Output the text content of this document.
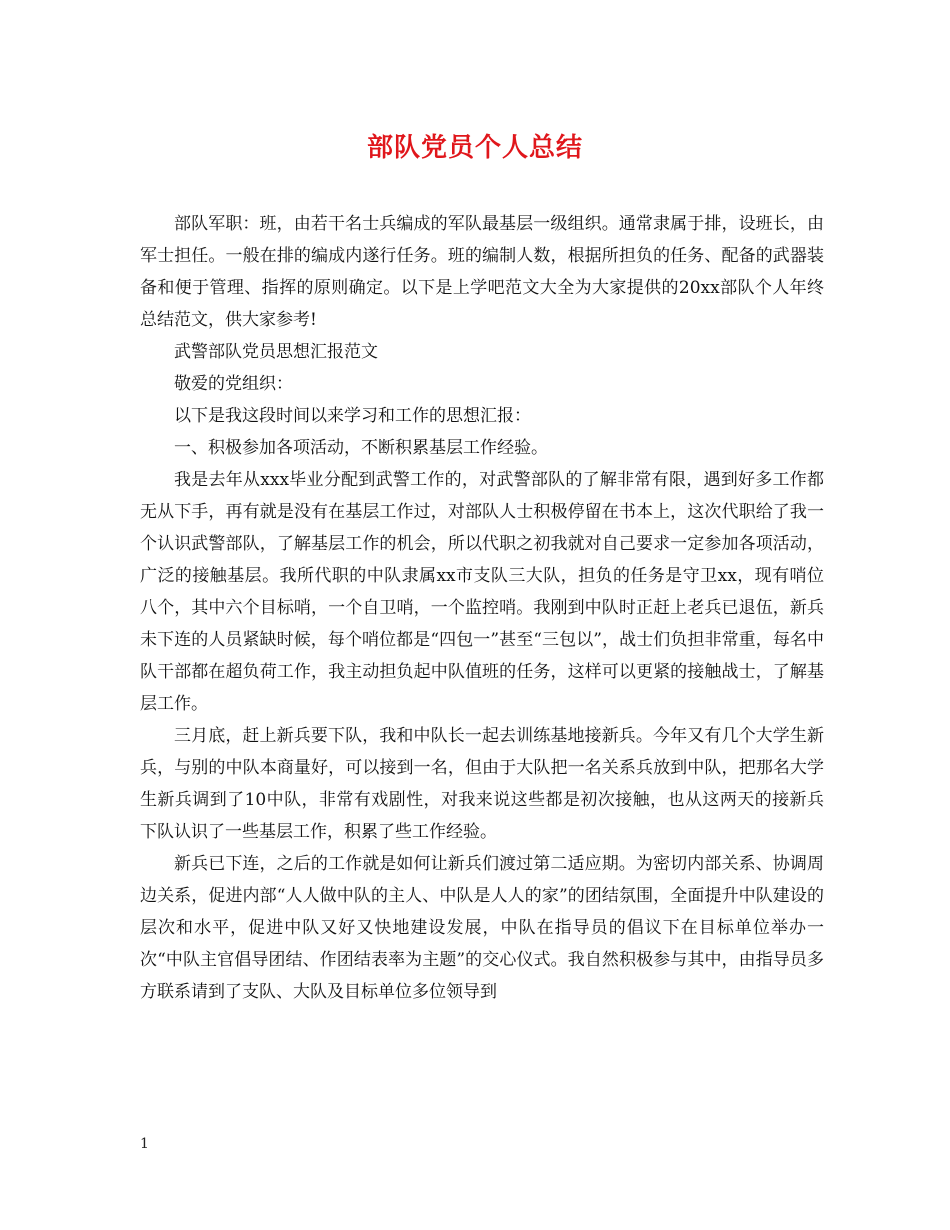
部队党员个人总结

部队军职：班，由若干名士兵编成的军队最基层一级组织。通常隶属于排，设班长，由军士担任。一般在排的编成内遂行任务。班的编制人数，根据所担负的任务、配备的武器装备和便于管理、指挥的原则确定。以下是上学吧范文大全为大家提供的20xx部队个人年终总结范文，供大家参考!

武警部队党员思想汇报范文

敬爱的党组织：

以下是我这段时间以来学习和工作的思想汇报：

一、积极参加各项活动，不断积累基层工作经验。

我是去年从xxx毕业分配到武警工作的，对武警部队的了解非常有限，遇到好多工作都无从下手，再有就是没有在基层工作过，对部队人士积极停留在书本上，这次代职给了我一个认识武警部队，了解基层工作的机会，所以代职之初我就对自己要求一定参加各项活动，广泛的接触基层。我所代职的中队隶属xx市支队三大队，担负的任务是守卫xx，现有哨位八个，其中六个目标哨，一个自卫哨，一个监控哨。我刚到中队时正赶上老兵已退伍，新兵未下连的人员紧缺时候，每个哨位都是“四包一”甚至“三包以”，战士们负担非常重，每名中队干部都在超负荷工作，我主动担负起中队值班的任务，这样可以更紧的接触战士，了解基层工作。

三月底，赶上新兵要下队，我和中队长一起去训练基地接新兵。今年又有几个大学生新兵，与别的中队本商量好，可以接到一名，但由于大队把一名关系兵放到中队，把那名大学生新兵调到了10中队，非常有戏剧性，对我来说这些都是初次接触，也从这两天的接新兵下队认识了一些基层工作，积累了些工作经验。

新兵已下连，之后的工作就是如何让新兵们渡过第二适应期。为密切内部关系、协调周边关系，促进内部“人人做中队的主人、中队是人人的家”的团结氛围，全面提升中队建设的层次和水平，促进中队又好又快地建设发展，中队在指导员的倡议下在目标单位举办一次“中队主官倡导团结、作团结表率为主题”的交心仪式。我自然积极参与其中，由指导员多方联系请到了支队、大队及目标单位多位领导到

1
